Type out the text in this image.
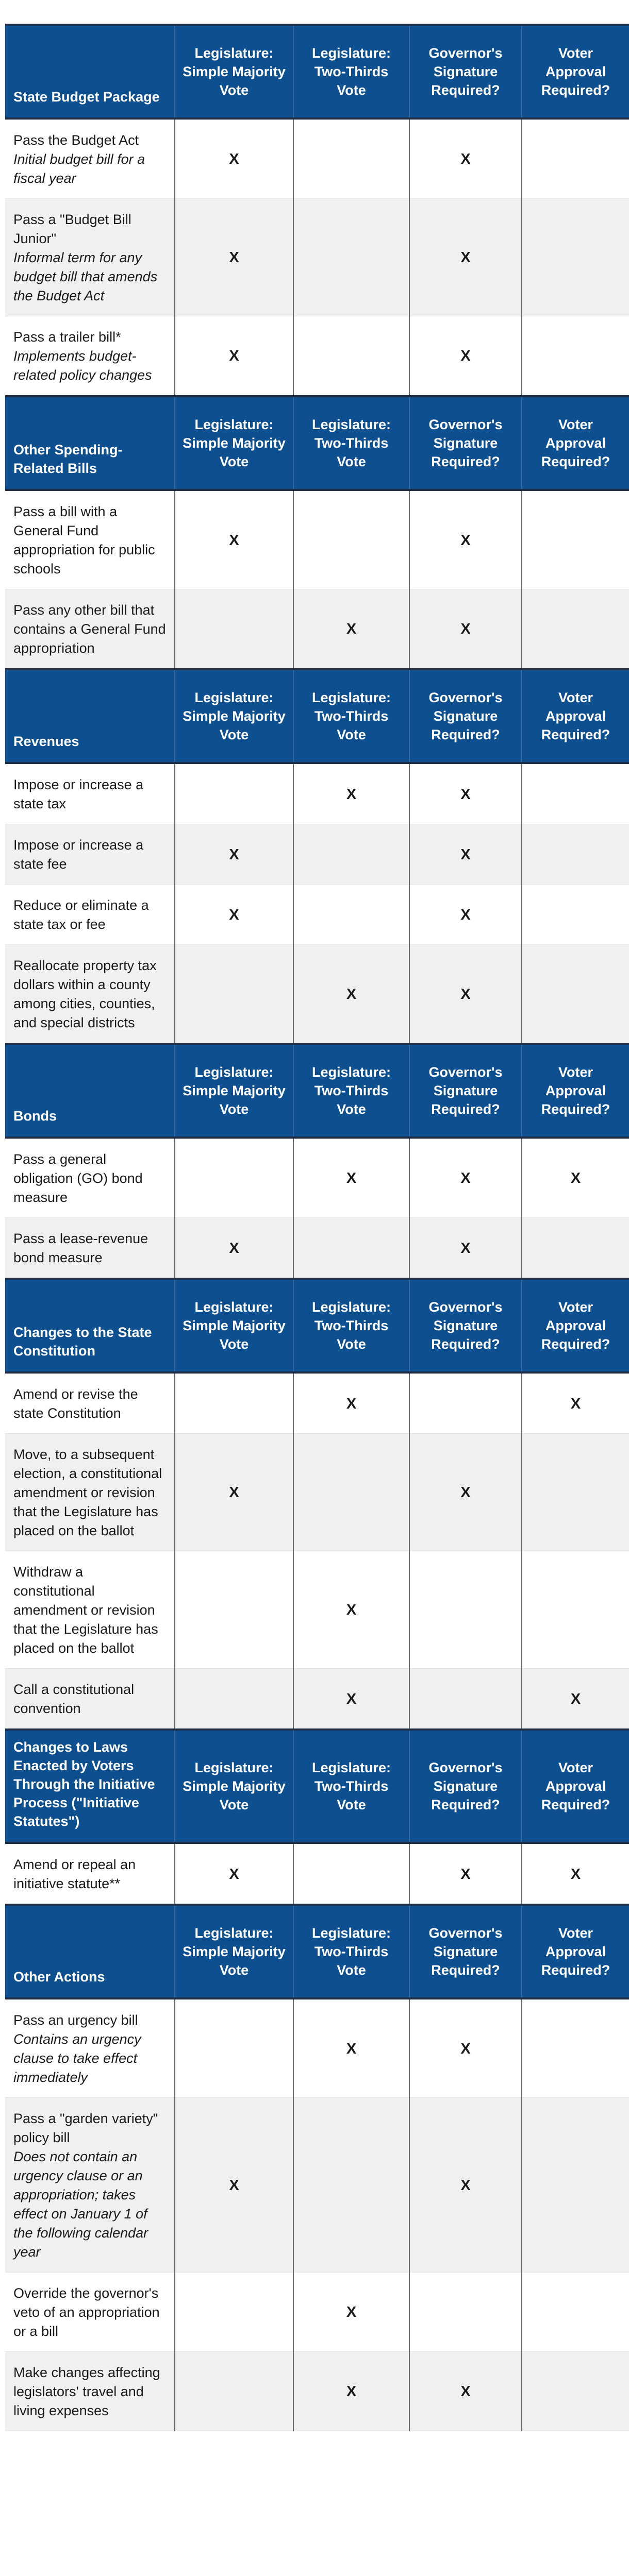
State Budget Package	Legislature: Simple Majority Vote	Legislature: Two-Thirds Vote	Governor's Signature Required?	Voter Approval Required?
Pass the Budget Act
Initial budget bill for a fiscal year	X		X	
Pass a "Budget Bill Junior"
Informal term for any budget bill that amends the Budget Act	X		X	
Pass a trailer bill*
Implements budget-related policy changes	X		X	
Other Spending-Related Bills	Legislature: Simple Majority Vote	Legislature: Two-Thirds Vote	Governor's Signature Required?	Voter Approval Required?
Pass a bill with a General Fund appropriation for public schools	X		X	
Pass any other bill that contains a General Fund appropriation		X	X	
Revenues	Legislature: Simple Majority Vote	Legislature: Two-Thirds Vote	Governor's Signature Required?	Voter Approval Required?
Impose or increase a state tax		X	X	
Impose or increase a state fee	X		X	
Reduce or eliminate a state tax or fee	X		X	
Reallocate property tax dollars within a county among cities, counties, and special districts		X	X	
Bonds	Legislature: Simple Majority Vote	Legislature: Two-Thirds Vote	Governor's Signature Required?	Voter Approval Required?
Pass a general obligation (GO) bond measure		X	X	X
Pass a lease-revenue bond measure	X		X	
Changes to the State Constitution	Legislature: Simple Majority Vote	Legislature: Two-Thirds Vote	Governor's Signature Required?	Voter Approval Required?
Amend or revise the state Constitution		X		X
Move, to a subsequent election, a constitutional amendment or revision that the Legislature has placed on the ballot	X		X	
Withdraw a constitutional amendment or revision that the Legislature has placed on the ballot		X		
Call a constitutional convention		X		X
Changes to Laws Enacted by Voters Through the Initiative Process ("Initiative Statutes")	Legislature: Simple Majority Vote	Legislature: Two-Thirds Vote	Governor's Signature Required?	Voter Approval Required?
Amend or repeal an initiative statute**	X		X	X
Other Actions	Legislature: Simple Majority Vote	Legislature: Two-Thirds Vote	Governor's Signature Required?	Voter Approval Required?
Pass an urgency bill
Contains an urgency clause to take effect immediately		X	X	
Pass a "garden variety" policy bill
Does not contain an urgency clause or an appropriation; takes effect on January 1 of the following calendar year	X		X	
Override the governor's veto of an appropriation or a bill		X		
Make changes affecting legislators' travel and living expenses		X	X	
